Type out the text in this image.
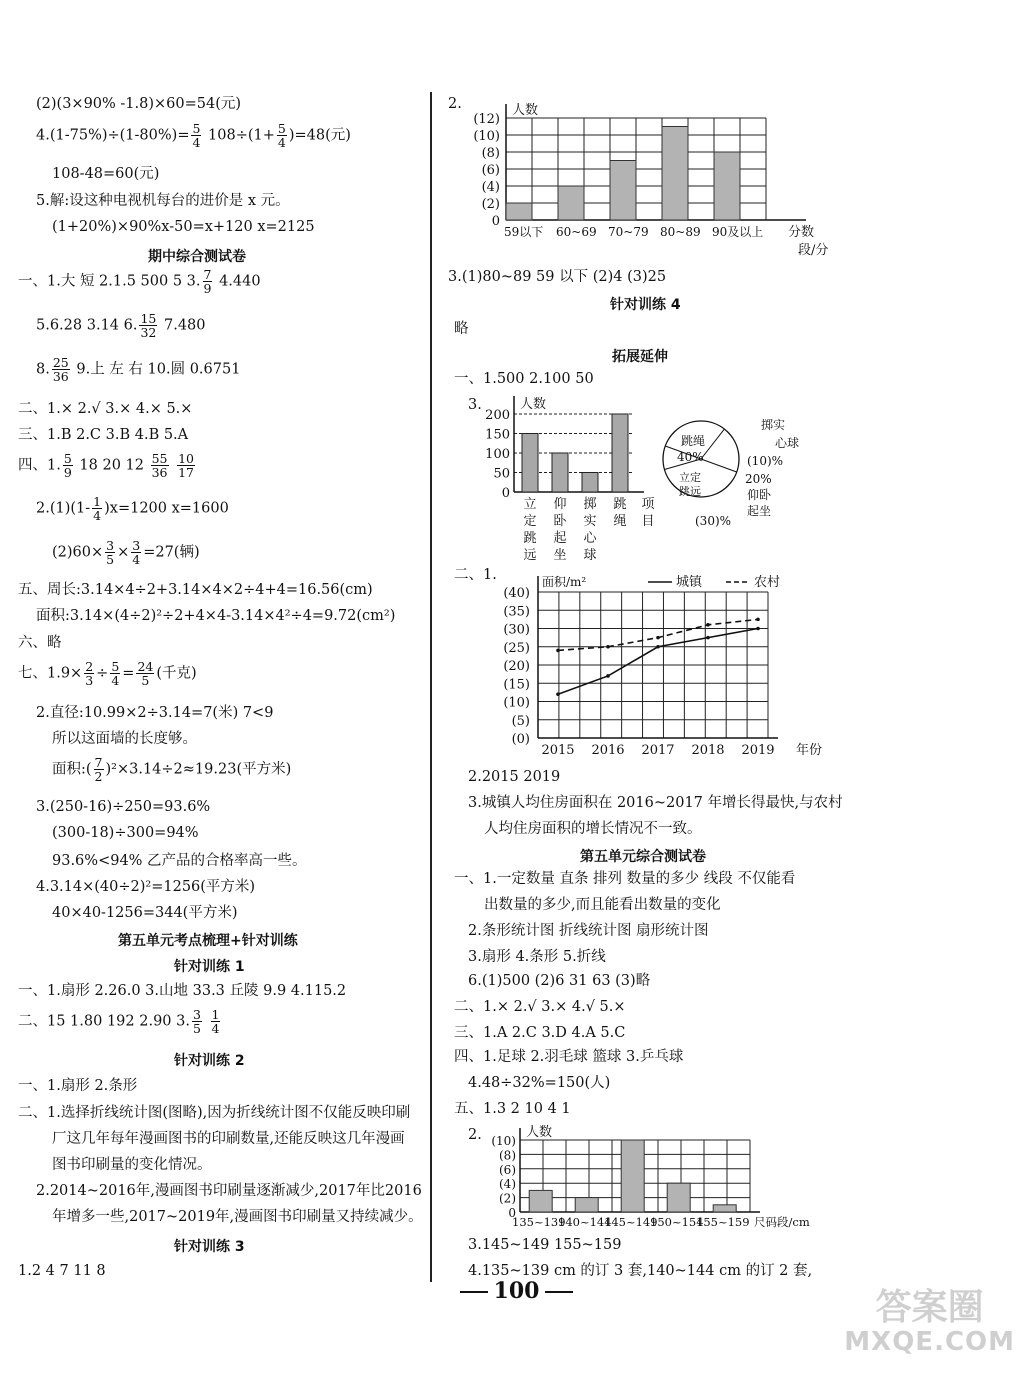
(2)(3×90% -1.8)×60=54(元)
$4.(1-75\%)\div(1-80\%)= \frac{5}{4} 108\div(1+ \frac{5}{4} )=48$(元)
108-48=60(元)
5.解:设这种电视机每台的进价是 x 元。
(1+20%)×90%x-50=x+120 x=2125
期中综合测试卷
一、1.大 短 2.1.5 500 5 3. $\frac{7}{9} 4.440$
5.6.28 3.14 6. $\frac{15}{32} 7.480$
8. $\frac{25}{36} 9$.上 左 右 10.圆 0.6751
二、1.× 2.√ 3.× 4.× 5.×
三、1.B 2.C 3.B 4.B 5.A
四、1. $\frac{5}{9} 18$ 20 $12 \frac{55}{36}$
$\frac{10}{17}$
$2.(1)(1- \frac{1}{4} )x=1200$ x=1600
$(2)60\times \frac{3}{5} \times \frac{3}{4} =27$(辆)
五、周长:3.14×4÷2+3.14×4×2÷4+4=16.56(cm)
面积:3.14×(4÷2)²÷2+4×4-3.14×4²÷4=9.72(cm²)
六、略
七、$1.9\times \frac{2}{3} \div \frac{5}{4} = \frac{24}{5}$ (千克)
2.直径:10.99×2÷3.14=7(米) 7<9
所以这面墙的长度够。
面积:( $\frac{7}{2} )^2\times 3.14\div 2\approx 19.23$(平方米)
3.(250-16)÷250=93.6%
(300-18)÷300=94%
93.6%<94% 乙产品的合格率高一些。
4.3.14×(40÷2)²=1256(平方米)
40×40-1256=344(平方米)
第五单元考点梳理+针对训练
针对训练 1
一、1.扇形 2.26.0 3.山地 33.3 丘陵 9.9 4.115.2
二、15 1.80 192 2.90 3. $\frac{3}{5}$
$\frac{1}{4}$
针对训练 2
一、1.扇形 2.条形
二、1.选择折线统计图(图略),因为折线统计图不仅能反映印刷
厂这几年每年漫画图书的印刷数量,还能反映这几年漫画
图书印刷量的变化情况。
2.2014~2016年,漫画图书印刷量逐渐减少,2017年比2016
年增多一些,2017~2019年,漫画图书印刷量又持续减少。
针对训练 3
1.2 4 7 11 8
2.
3.(1)80~89 59 以下 (2)4 (3)25
针对训练 4
略
拓展延伸
一、1.500 2.100 50
3.
二、1.
2.2015 2019
3.城镇人均住房面积在 2016~2017 年增长得最快,与农村
人均住房面积的增长情况不一致。
第五单元综合测试卷
一、1.一定数量 直条 排列 数量的多少 线段 不仅能看
出数量的多少,而且能看出数量的变化
2.条形统计图 折线统计图 扇形统计图
3.扇形 4.条形 5.折线
6.(1)500 (2)6 31 63 (3)略
二、1.× 2.√ 3.× 4.√ 5.×
三、1.A 2.C 3.D 4.A 5.C
四、1.足球 2.羽毛球 篮球 3.乒乓球
4.48÷32%=150(人)
五、1.3 2 10 4 1
2.
3.145~149 155~159
4.135~139 cm 的订 3 套,140~144 cm 的订 2 套,
(12)
(10)
(8)
(6)
(4)
(2)
0
人数
59以下 60~69 70~79 80~89 90及以上 分数
段/分
立
定
跳
远
仰
卧
起
坐
掷
实
心
球
跳
绳
200
150
100
50
0
人数
项
目
跳绳
40%
掷实
心球
(10)%
立定
跳远
(30)%
20%
仰卧
起坐
(40)
(35)
(30)
(25)
(20)
(15)
(10)
(5)
(0)
2015 2016 2017 2018 2019 年份
面积/m²	城镇	农村
(10)
(8)
(6)
(4)
(2)
0
人数
135~139
140~144
145~149
150~154
155~159 尺码段/cm
100	答案圈
MXQE.COM
